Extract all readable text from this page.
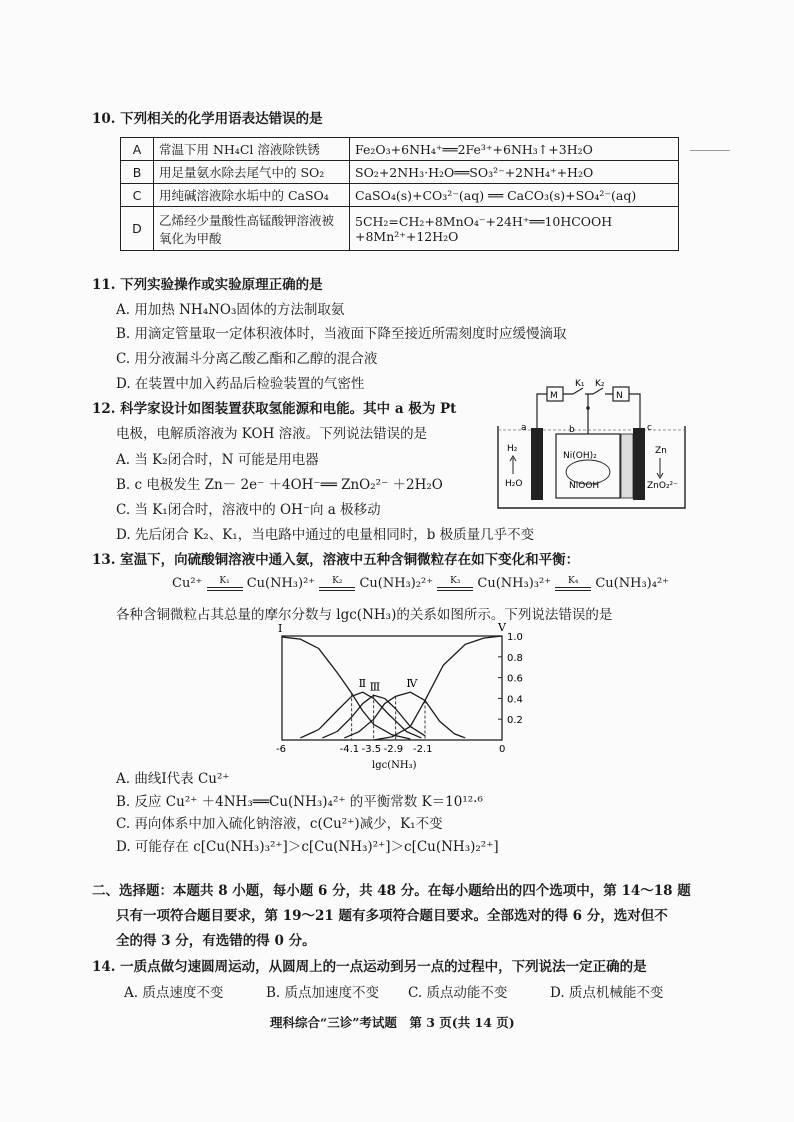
10. 下列相关的化学用语表达错误的是
A	常温下用 NH₄Cl 溶液除铁锈	Fe₂O₃+6NH₄⁺══2Fe³⁺+6NH₃↑+3H₂O
B	用足量氨水除去尾气中的 SO₂	SO₂+2NH₃·H₂O══SO₃²⁻+2NH₄⁺+H₂O
C	用纯碱溶液除水垢中的 CaSO₄	CaSO₄(s)+CO₃²⁻(aq) ══ CaCO₃(s)+SO₄²⁻(aq)
D	乙烯经少量酸性高锰酸钾溶液被氧化为甲酸	5CH₂=CH₂+8MnO₄⁻+24H⁺══10HCOOH +8Mn²⁺+12H₂O
11. 下列实验操作或实验原理正确的是
A. 用加热 NH₄NO₃固体的方法制取氨
B. 用滴定管量取一定体积液体时，当液面下降至接近所需刻度时应缓慢滴取
C. 用分液漏斗分离乙酸乙酯和乙醇的混合液
D. 在装置中加入药品后检验装置的气密性
12. 科学家设计如图装置获取氢能源和电能。其中 a 极为 Pt
电极，电解质溶液为 KOH 溶液。下列说法错误的是
A. 当 K₂闭合时，N 可能是用电器
B. c 电极发生 Zn－ 2e⁻ ＋4OH⁻══ ZnO₂²⁻ ＋2H₂O
C. 当 K₁闭合时，溶液中的 OH⁻向 a 极移动
D. 先后闭合 K₂、K₁，当电路中通过的电量相同时，b 极质量几乎不变
M	N
K₁ K₂
a	b	c
H₂
H₂O
Ni(OH)₂
NiOOH
Zn
ZnO₂²⁻
13. 室温下，向硫酸铜溶液中通入氨，溶液中五种含铜微粒存在如下变化和平衡：
Cu²⁺ K₁ Cu(NH₃)²⁺ K₂ Cu(NH₃)₂²⁺ K₃ Cu(NH₃)₃²⁺ K₄ Cu(NH₃)₄²⁺
各种含铜微粒占其总量的摩尔分数与 lgc(NH₃)的关系如图所示。下列说法错误的是
1.0
0.8
0.6
0.4
0.2
Ⅰ
Ⅱ Ⅲ Ⅳ
Ⅴ
-6	-4.1 -3.5 -2.9 -2.1	0
lgc(NH₃)
A. 曲线Ⅰ代表 Cu²⁺
B. 反应 Cu²⁺ ＋4NH₃══Cu(NH₃)₄²⁺ 的平衡常数 K＝10¹²·⁶
C. 再向体系中加入硫化钠溶液，c(Cu²⁺)减少，K₁不变
D. 可能存在 c[Cu(NH₃)₃²⁺]＞c[Cu(NH₃)²⁺]＞c[Cu(NH₃)₂²⁺]
二、选择题：本题共 8 小题，每小题 6 分，共 48 分。在每小题给出的四个选项中，第 14～18 题
只有一项符合题目要求，第 19～21 题有多项符合题目要求。全部选对的得 6 分，选对但不
全的得 3 分，有选错的得 0 分。
14. 一质点做匀速圆周运动，从圆周上的一点运动到另一点的过程中，下列说法一定正确的是
A. 质点速度不变	B. 质点加速度不变 C. 质点动能不变	D. 质点机械能不变
理科综合“三诊”考试题　第 3 页(共 14 页)
